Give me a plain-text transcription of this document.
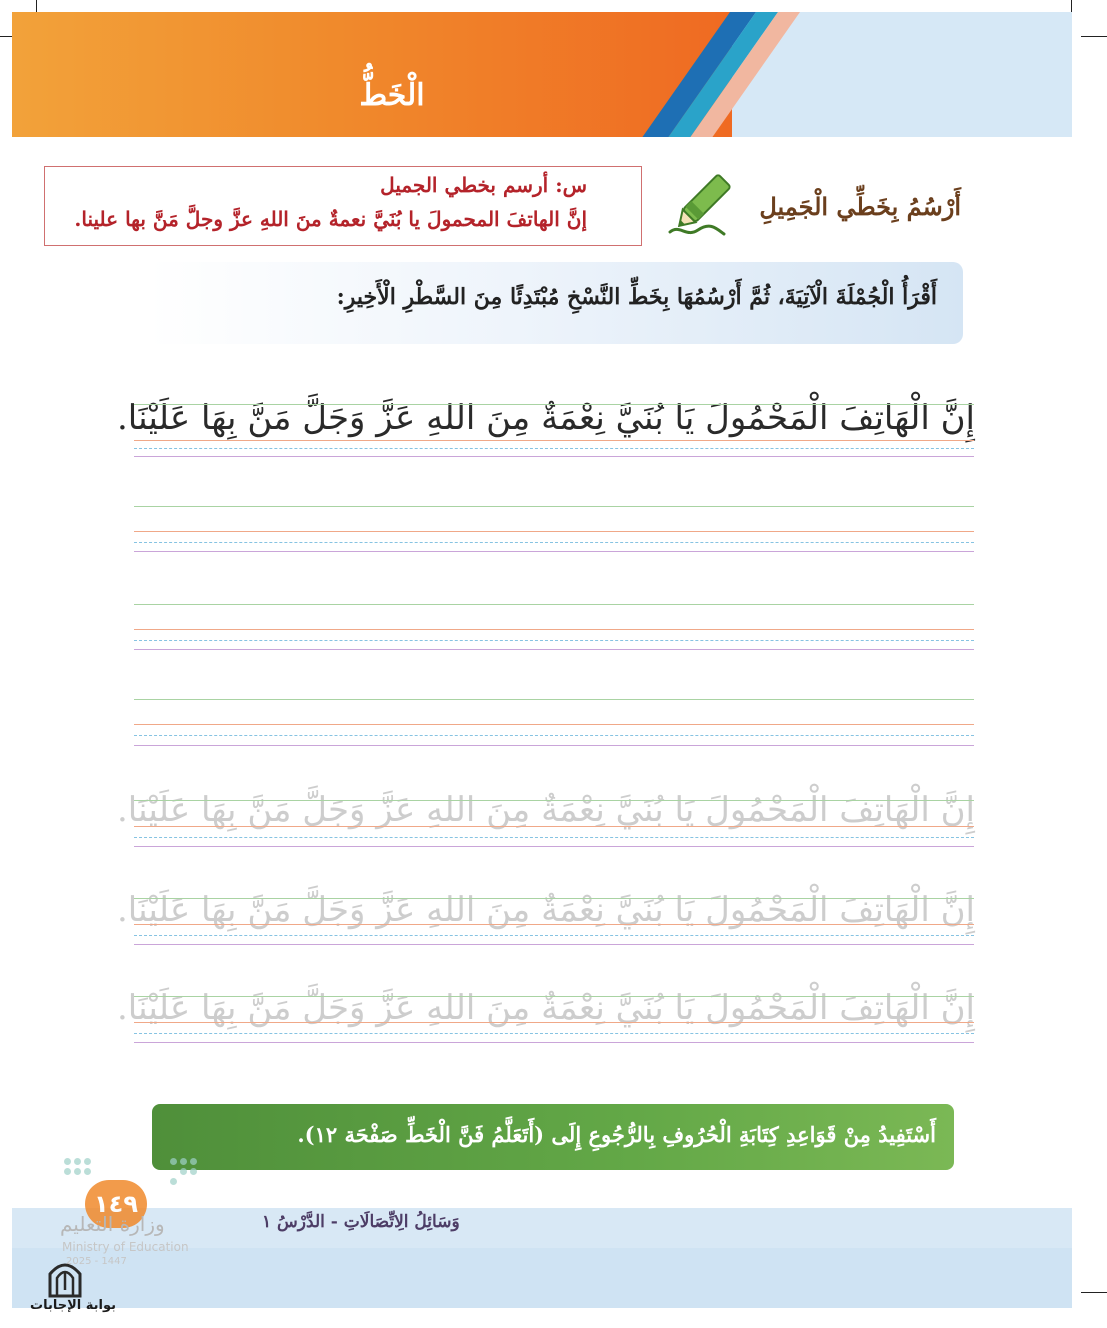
الْخَطُّ
س: أرسم بخطي الجميل
إنَّ الهاتفَ المحمولَ يا بُنَيَّ نعمةٌ منَ اللهِ عزَّ وجلَّ مَنَّ بها علينا.	أَرْسُمُ بِخَطِّي الْجَمِيلِ
أَقْرَأُ الْجُمْلَةَ الْآتِيَةَ، ثُمَّ أَرْسُمُهَا بِخَطِّ النَّسْخِ مُبْتَدِئًا مِنَ السَّطْرِ الْأَخِيرِ:
إِنَّ الْهَاتِفَ الْمَحْمُولَ يَا بُنَيَّ نِعْمَةٌ مِنَ اللهِ عَزَّ وَجَلَّ مَنَّ بِهَا عَلَيْنَا.
إِنَّ الْهَاتِفَ الْمَحْمُولَ يَا بُنَيَّ نِعْمَةٌ مِنَ اللهِ عَزَّ وَجَلَّ مَنَّ بِهَا عَلَيْنَا.
إِنَّ الْهَاتِفَ الْمَحْمُولَ يَا بُنَيَّ نِعْمَةٌ مِنَ اللهِ عَزَّ وَجَلَّ مَنَّ بِهَا عَلَيْنَا.
إِنَّ الْهَاتِفَ الْمَحْمُولَ يَا بُنَيَّ نِعْمَةٌ مِنَ اللهِ عَزَّ وَجَلَّ مَنَّ بِهَا عَلَيْنَا.
أَسْتَفِيدُ مِنْ قَوَاعِدِ كِتَابَةِ الْحُرُوفِ بِالرُّجُوعِ إِلَى (أَتَعَلَّمُ فَنَّ الْخَطِّ صَفْحَة ١٢).
١٤٩
وزارة التعليم
Ministry of Education
2025 - 1447
وَسَائِلُ الِاتِّصَالَاتِ - الدَّرْسُ ١
بوابة الإجابات
